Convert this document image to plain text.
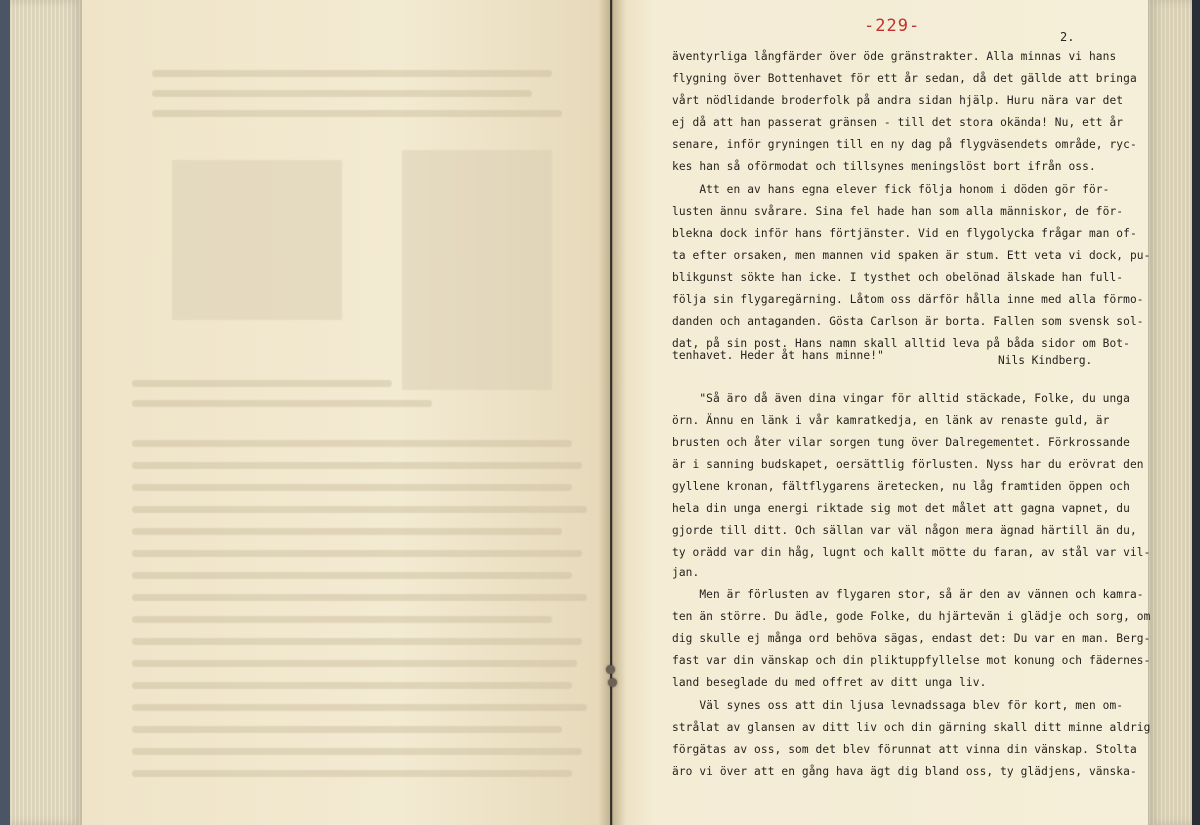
-229-
2.
äventyrliga långfärder över öde gränstrakter. Alla minnas vi hans
flygning över Bottenhavet för ett år sedan, då det gällde att bringa
vårt nödlidande broderfolk på andra sidan hjälp. Huru nära var det
ej då att han passerat gränsen - till det stora okända! Nu, ett år
senare, inför gryningen till en ny dag på flygväsendets område, ryc-
kes han så oförmodat och tillsynes meningslöst bort ifrån oss.
Att en av hans egna elever fick följa honom i döden gör för-
lusten ännu svårare. Sina fel hade han som alla människor, de för-
blekna dock inför hans förtjänster. Vid en flygolycka frågar man of-
ta efter orsaken, men mannen vid spaken är stum. Ett veta vi dock, pu-
blikgunst sökte han icke. I tysthet och obelönad älskade han full-
följa sin flygaregärning. Låtom oss därför hålla inne med alla förmo-
danden och antaganden. Gösta Carlson är borta. Fallen som svensk sol-
dat, på sin post. Hans namn skall alltid leva på båda sidor om Bot-
tenhavet. Heder åt hans minne!"
"Så äro då även dina vingar för alltid stäckade, Folke, du unga
örn. Ännu en länk i vår kamratkedja, en länk av renaste guld, är
brusten och åter vilar sorgen tung över Dalregementet. Förkrossande
är i sanning budskapet, oersättlig förlusten. Nyss har du erövrat den
gyllene kronan, fältflygarens äretecken, nu låg framtiden öppen och
hela din unga energi riktade sig mot det målet att gagna vapnet, du
gjorde till ditt. Och sällan var väl någon mera ägnad härtill än du,
ty orädd var din håg, lugnt och kallt mötte du faran, av stål var vil-
jan.
Men är förlusten av flygaren stor, så är den av vännen och kamra-
ten än större. Du ädle, gode Folke, du hjärtevän i glädje och sorg, om
dig skulle ej många ord behöva sägas, endast det: Du var en man. Berg-
fast var din vänskap och din pliktuppfyllelse mot konung och fädernes-
land beseglade du med offret av ditt unga liv.
Väl synes oss att din ljusa levnadssaga blev för kort, men om-
strålat av glansen av ditt liv och din gärning skall ditt minne aldrig
förgätas av oss, som det blev förunnat att vinna din vänskap. Stolta
äro vi över att en gång hava ägt dig bland oss, ty glädjens, vänska-
Nils Kindberg.
